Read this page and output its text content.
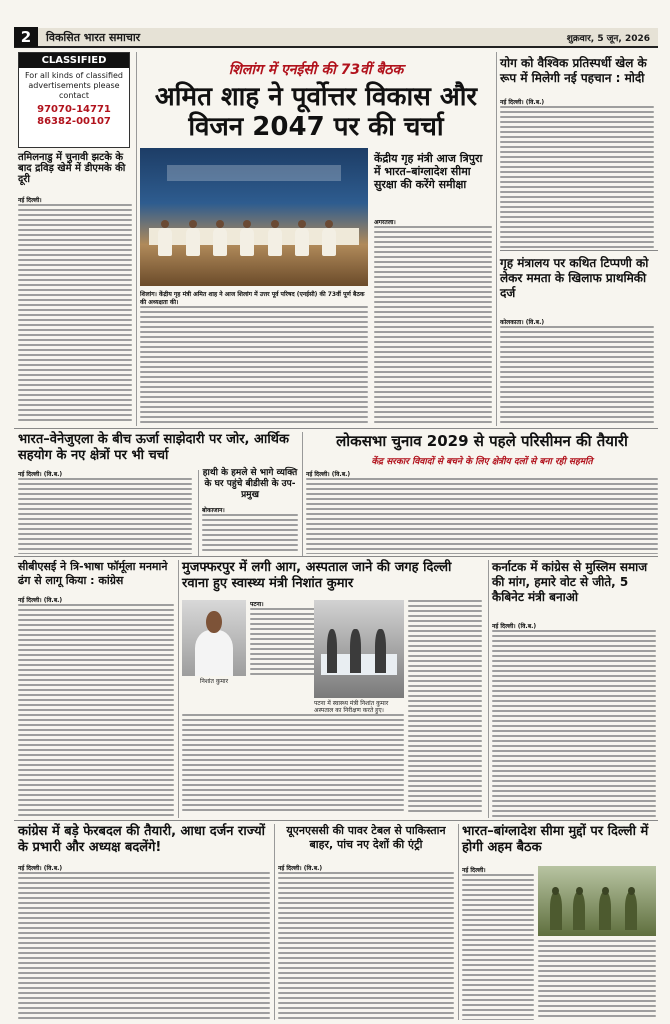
2	विकसित भारत समाचार	शुक्रवार, 5 जून, 2026
CLASSIFIED
For all kinds of classified advertisements please contact
97070-14771
86382-00107
तमिलनाडु में चुनावी झटके के बाद द्रविड़ खेमे में डीएमके की दूरी
नई दिल्ली।
शिलांग में एनईसी की 73वीं बैठक
अमित शाह ने पूर्वोत्तर विकास और विजन 2047 पर की चर्चा
केंद्रीय गृह मंत्री आज त्रिपुरा में भारत–बांग्लादेश सीमा सुरक्षा की करेंगे समीक्षा
अगरतला।
शिलांग। केंद्रीय गृह मंत्री अमित शाह ने आज शिलांग में उत्तर पूर्व परिषद (एनईसी) की 73वीं पूर्ण बैठक की अध्यक्षता की।
योग को वैश्विक प्रतिस्पर्धी खेल के रूप में मिलेगी नई पहचान : मोदी
नई दिल्ली। (वि.ब.)
गृह मंत्रालय पर कथित टिप्पणी को लेकर ममता के खिलाफ प्राथमिकी दर्ज
कोलकाता। (वि.ब.)
भारत–वेनेजुएला के बीच ऊर्जा साझेदारी पर जोर, आर्थिक सहयोग के नए क्षेत्रों पर भी चर्चा
नई दिल्ली। (वि.ब.)	हाथी के हमले से भागे व्यक्ति के घर पहुंचे बीडीसी के उप-प्रमुख
बोकाजान।
लोकसभा चुनाव 2029 से पहले परिसीमन की तैयारी
केंद्र सरकार विवादों से बचने के लिए क्षेत्रीय दलों से बना रही सहमति
नई दिल्ली। (वि.ब.)
सीबीएसई ने त्रि-भाषा फॉर्मूला मनमाने ढंग से लागू किया : कांग्रेस
नई दिल्ली। (वि.ब.)
मुजफ्फरपुर में लगी आग, अस्पताल जाने की जगह दिल्ली रवाना हुए स्वास्थ्य मंत्री निशांत कुमार
निशांत कुमार
पटना।
पटना में स्वास्थ्य मंत्री निशांत कुमार अस्पताल का निरीक्षण करते हुए।
कर्नाटक में कांग्रेस से मुस्लिम समाज की मांग, हमारे वोट से जीते, 5 कैबिनेट मंत्री बनाओ
नई दिल्ली। (वि.ब.)
कांग्रेस में बड़े फेरबदल की तैयारी, आधा दर्जन राज्यों के प्रभारी और अध्यक्ष बदलेंगे!
नई दिल्ली। (वि.ब.)
यूएनएससी की पावर टेबल से पाकिस्तान बाहर, पांच नए देशों की एंट्री
नई दिल्ली। (वि.ब.)
भारत–बांग्लादेश सीमा मुद्दों पर दिल्ली में होगी अहम बैठक
नई दिल्ली।
